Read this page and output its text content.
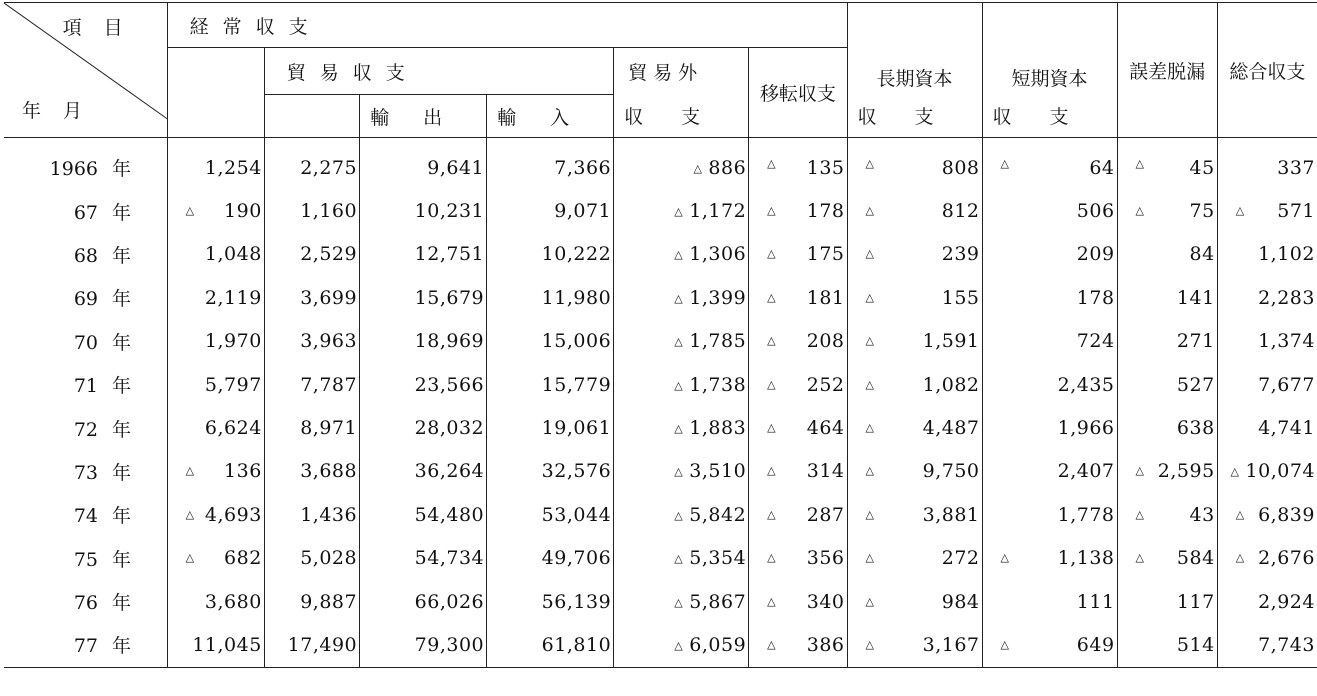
項目
年月	経常収支						長期資本	短期資本	誤差脱漏	総合収支
		貿易収支			貿易外	移転収支				

			輸出	輸入	収支		収支	収支		

1966 年	1,254	2,275	9,641	7,366	△ 886	△ 135	△ 808	△ 64	△ 45	337
67 年	△ 190	1,160	10,231	9,071	△ 1,172	△ 178	△ 812	506	△ 75	△ 571
68 年	1,048	2,529	12,751	10,222	△ 1,306	△ 175	△ 239	209	84	1,102
69 年	2,119	3,699	15,679	11,980	△ 1,399	△ 181	△ 155	178	141	2,283
70 年	1,970	3,963	18,969	15,006	△ 1,785	△ 208	△ 1,591	724	271	1,374
71 年	5,797	7,787	23,566	15,779	△ 1,738	△ 252	△ 1,082	2,435	527	7,677
72 年	6,624	8,971	28,032	19,061	△ 1,883	△ 464	△ 4,487	1,966	638	4,741
73 年	△ 136	3,688	36,264	32,576	△ 3,510	△ 314	△ 9,750	2,407	△ 2,595	△ 10,074
74 年	△ 4,693	1,436	54,480	53,044	△ 5,842	△ 287	△ 3,881	1,778	△ 43	△ 6,839
75 年	△ 682	5,028	54,734	49,706	△ 5,354	△ 356	△ 272	△ 1,138	△ 584	△ 2,676
76 年	3,680	9,887	66,026	56,139	△ 5,867	△ 340	△ 984	111	117	2,924
77 年	11,045	17,490	79,300	61,810	△ 6,059	△ 386	△ 3,167	△ 649	514	7,743
